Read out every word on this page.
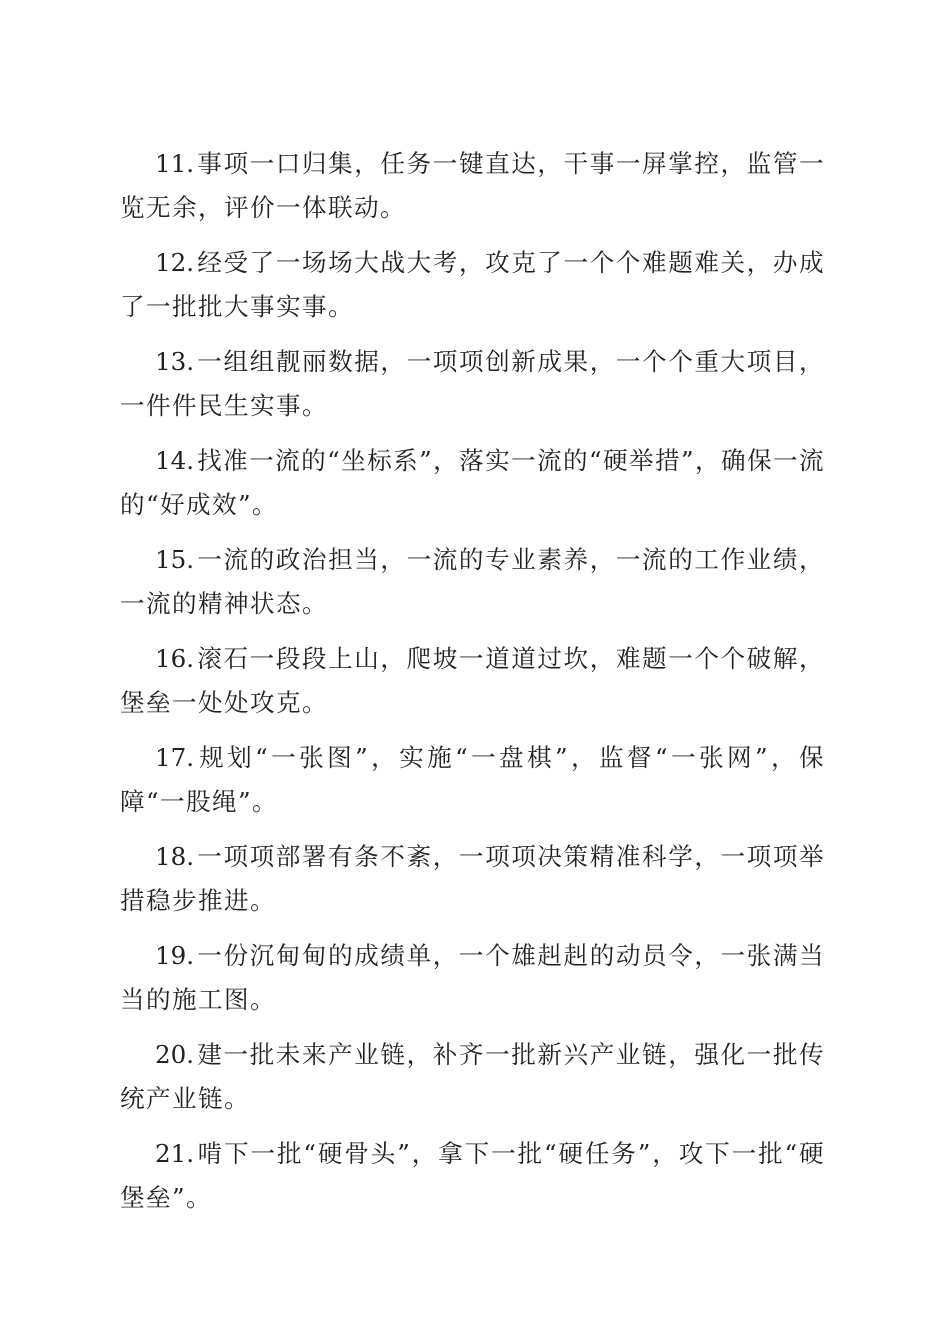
11. 事项一口归集，任务一键直达，干事一屏掌控，监管一览无余，评价一体联动。

12. 经受了一场场大战大考，攻克了一个个难题难关，办成了一批批大事实事。

13. 一组组靓丽数据，一项项创新成果，一个个重大项目，一件件民生实事。

14. 找准一流的“坐标系”，落实一流的“硬举措”，确保一流的“好成效”。

15. 一流的政治担当，一流的专业素养，一流的工作业绩，一流的精神状态。

16. 滚石一段段上山，爬坡一道道过坎，难题一个个破解，堡垒一处处攻克。

17. 规划“一张图”，实施“一盘棋”，监督“一张网”，保障“一股绳”。

18. 一项项部署有条不紊，一项项决策精准科学，一项项举措稳步推进。

19. 一份沉甸甸的成绩单，一个雄赳赳的动员令，一张满当当的施工图。

20. 建一批未来产业链，补齐一批新兴产业链，强化一批传统产业链。

21. 啃下一批“硬骨头”，拿下一批“硬任务”，攻下一批“硬堡垒”。
